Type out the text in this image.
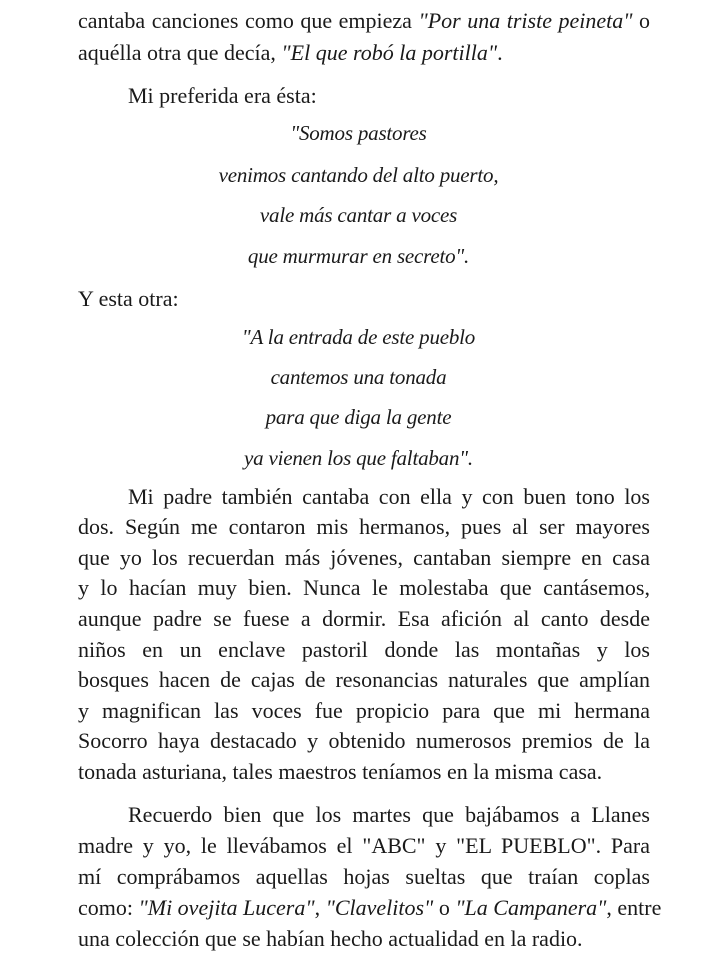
cantaba canciones como que empieza "Por una triste peineta" o
aquélla otra que decía, "El que robó la portilla".
Mi preferida era ésta:
"Somos pastores
venimos cantando del alto puerto,
vale más cantar a voces
que murmurar en secreto".
Y esta otra:
"A la entrada de este pueblo
cantemos una tonada
para que diga la gente
ya vienen los que faltaban".
Mi padre también cantaba con ella y con buen tono los
dos. Según me contaron mis hermanos, pues al ser mayores
que yo los recuerdan más jóvenes, cantaban siempre en casa
y lo hacían muy bien. Nunca le molestaba que cantásemos,
aunque padre se fuese a dormir. Esa afición al canto desde
niños en un enclave pastoril donde las montañas y los
bosques hacen de cajas de resonancias naturales que amplían
y magnifican las voces fue propicio para que mi hermana
Socorro haya destacado y obtenido numerosos premios de la
tonada asturiana, tales maestros teníamos en la misma casa.
Recuerdo bien que los martes que bajábamos a Llanes
madre y yo, le llevábamos el "ABC" y "EL PUEBLO". Para
mí comprábamos aquellas hojas sueltas que traían coplas
como: "Mi ovejita Lucera", "Clavelitos" o "La Campanera", entre
una colección que se habían hecho actualidad en la radio.
